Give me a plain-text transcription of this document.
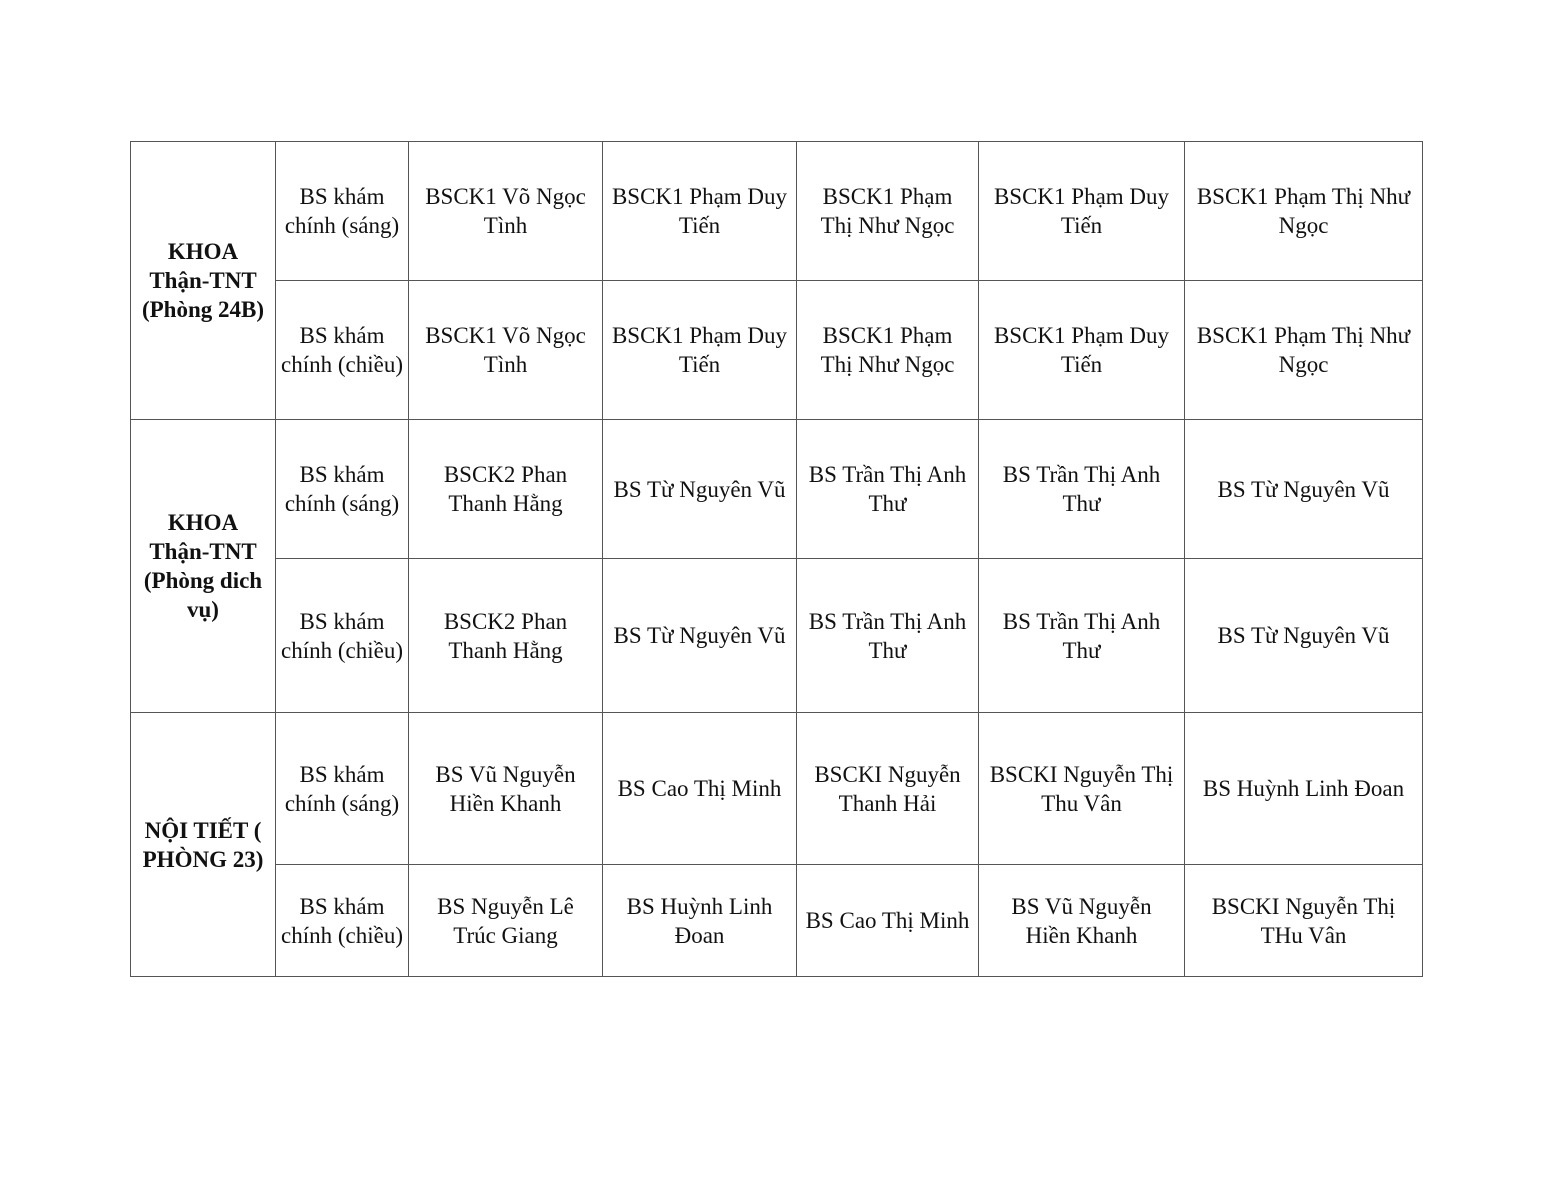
KHOA Thận-TNT (Phòng 24B)	BS khám chính (sáng)	BSCK1 Võ Ngọc Tình	BSCK1 Phạm Duy Tiến	BSCK1 Phạm Thị Như Ngọc	BSCK1 Phạm Duy Tiến	BSCK1 Phạm Thị Như Ngọc
	BS khám chính (chiều)	BSCK1 Võ Ngọc Tình	BSCK1 Phạm Duy Tiến	BSCK1 Phạm Thị Như Ngọc	BSCK1 Phạm Duy Tiến	BSCK1 Phạm Thị Như Ngọc
KHOA Thận-TNT (Phòng dich vụ)	BS khám chính (sáng)	BSCK2 Phan Thanh Hằng	BS Từ Nguyên Vũ	BS Trần Thị Anh Thư	BS Trần Thị Anh Thư	BS Từ Nguyên Vũ
	BS khám chính (chiều)	BSCK2 Phan Thanh Hằng	BS Từ Nguyên Vũ	BS Trần Thị Anh Thư	BS Trần Thị Anh Thư	BS Từ Nguyên Vũ
NỘI TIẾT ( PHÒNG 23)	BS khám chính (sáng)	BS Vũ Nguyễn Hiền Khanh	BS Cao Thị Minh	BSCKI Nguyễn Thanh Hải	BSCKI Nguyễn Thị Thu Vân	BS Huỳnh Linh Đoan
	BS khám chính (chiều)	BS Nguyễn Lê Trúc Giang	BS Huỳnh Linh Đoan	BS Cao Thị Minh	BS Vũ Nguyễn Hiền Khanh	BSCKI Nguyễn Thị THu Vân
